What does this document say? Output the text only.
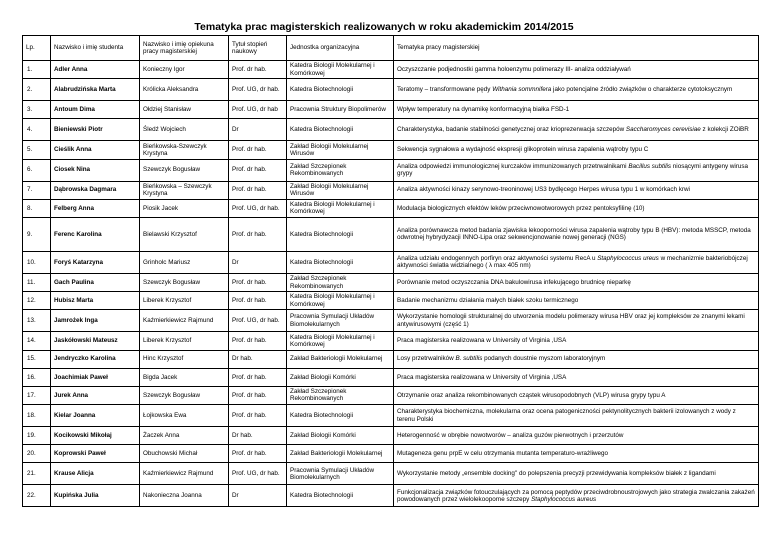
Tematyka prac magisterskich realizowanych w roku akademickim 2014/2015
Lp.	Nazwisko i imię studenta	Nazwisko i imię opiekuna pracy magisterskiej	Tytuł stopień naukowy	Jednostka organizacyjna	Tematyka pracy magisterskiej
1.	Adler Anna	Konieczny Igor	Prof. dr hab.	Katedra Biologii Molekularnej i Komórkowej	Oczyszczanie podjednostki gamma holoenzymu polimerazy III- analiza oddziaływań
2.	Alabrudzińska Marta	Królicka Aleksandra	Prof. UG, dr hab.	Katedra Biotechnologii	Teratomy – transformowane pędy Withania sommnifera jako potencjalne źródło związków o charakterze cytotoksycznym
3.	Antoum Dima	Ołdziej Stanisław	Prof. UG, dr hab	Pracownia Struktury Biopolimerów	Wpływ temperatury na dynamikę konformacyjną białka FSD-1
4.	Bieniewski Piotr	Śledź Wojciech	Dr	Katedra Biotechnologii	Charakterystyka, badanie stabilności genetycznej oraz krioprezerwacja szczepów Saccharomyces cerevisiae z kolekcji ZOiBR
5.	Cieślik Anna	Bieńkowska-Szewczyk Krystyna	Prof. dr hab.	Zakład Biologii Molekularnej Wirusów	Sekwencja sygnałowa a wydajność ekspresji glikoprotein wirusa zapalenia wątroby typu C
6.	Ciosek Nina	Szewczyk Bogusław	Prof. dr hab.	Zakład Szczepionek Rekombinowanych	Analiza odpowiedzi immunologicznej kurczaków immunizowanych przetrwalnikami Bacillus subtilis niosącymi antygeny wirusa grypy
7.	Dąbrowska Dagmara	Bieńkowska – Szewczyk Krystyna	Prof. dr hab.	Zakład Biologii Molekularnej Wirusów	Analiza aktywności kinazy serynowo-treoninowej US3 bydlęcego Herpes wirusa typu 1 w komórkach krwi
8.	Felberg Anna	Piosik Jacek	Prof. UG, dr hab.	Katedra Biologii Molekularnej i Komórkowej	Modulacja biologicznych efektów leków przeciwnowotworowych przez pentoksyfilinę (10)
9.	Ferenc Karolina	Bielawski Krzysztof	Prof. dr hab.	Katedra Biotechnologii	Analiza porównawcza metod badania zjawiska lekooporności wirusa zapalenia wątroby typu B (HBV): metoda MSSCP, metoda odwrotnej hybrydyzacji INNO-Lipa oraz sekwencjonowanie nowej generacji (NGS)
10.	Foryś Katarzyna	Grinholc Mariusz	Dr	Katedra Biotechnologii	Analiza udziału endogennych porfiryn oraz aktywności systemu RecA u Staphylococcus ureus w mechanizmie bakteriobójczej aktywności światła widzialnego ( λ max 405 nm)
11.	Gach Paulina	Szewczyk Bogusław	Prof. dr hab.	Zakład Szczepionek Rekombinowanych	Porównanie metod oczyszczania DNA bakulowirusa infekującego brudnicę nieparkę
12.	Hubisz Marta	Liberek Krzysztof	Prof. dr hab.	Katedra Biologii Molekularnej i Komórkowej	Badanie mechanizmu działania małych białek szoku termicznego
13.	Jamrożek Inga	Kaźmierkiewicz Rajmund	Prof. UG, dr hab.	Pracownia Symulacji Układów Biomolekularnych	Wykorzystanie homologii strukturalnej do utworzenia modelu polimerazy wirusa HBV oraz jej kompleksów ze znanymi lekami antywirusowymi (część 1)
14.	Jaskółowski Mateusz	Liberek Krzysztof	Prof. dr hab.	Katedra Biologii Molekularnej i Komórkowej	Praca magisterska realizowana w University of Virginia ,USA
15.	Jendryczko Karolina	Hinc Krzysztof	Dr hab.	Zakład Bakteriologii Molekularnej	Losy przetrwalników B. subtilis podanych doustnie myszom laboratoryjnym
16.	Joachimiak Paweł	Bigda Jacek	Prof. dr hab.	Zakład Biologii Komórki	Praca magisterska realizowana w University of Virginia ,USA
17.	Jurek Anna	Szewczyk Bogusław	Prof. dr hab.	Zakład Szczepionek Rekombinowanych	Otrzymanie oraz analiza rekombinowanych cząstek wirusopodobnych (VLP) wirusa grypy typu A
18.	Kielar Joanna	Łojkowska Ewa	Prof. dr hab.	Katedra Biotechnologii	Charakterystyka biochemiczna, molekularna oraz ocena patogeniczności pektynolitycznych bakterii izolowanych z wody z terenu Polski
19.	Kocikowski Mikołaj	Żaczek Anna	Dr hab.	Zakład Biologii Komórki	Heterogenność w obrębie nowotworów – analiza guzów pierwotnych i przerzutów
20.	Koprowski Paweł	Obuchowski Michał	Prof. dr hab.	Zakład Bakteriologii Molekularnej	Mutageneza genu prpE w celu otrzymania mutanta temperaturo-wrażliwego
21.	Krause Alicja	Kaźmierkiewicz Rajmund	Prof. UG, dr hab.	Pracownia Symulacji Układów Biomolekularnych	Wykorzystanie metody „ensemble docking'' do polepszenia precyzji przewidywania kompleksów białek z ligandami
22.	Kupińska Julia	Nakonieczna Joanna	Dr	Katedra Biotechnologii	Funkcjonalizacja związków fotouczulających za pomocą peptydów przeciwdrobnoustrojowych jako strategia zwalczania zakażeń powodowanych przez wielolekooporne szczepy Staphylococcus aureus
